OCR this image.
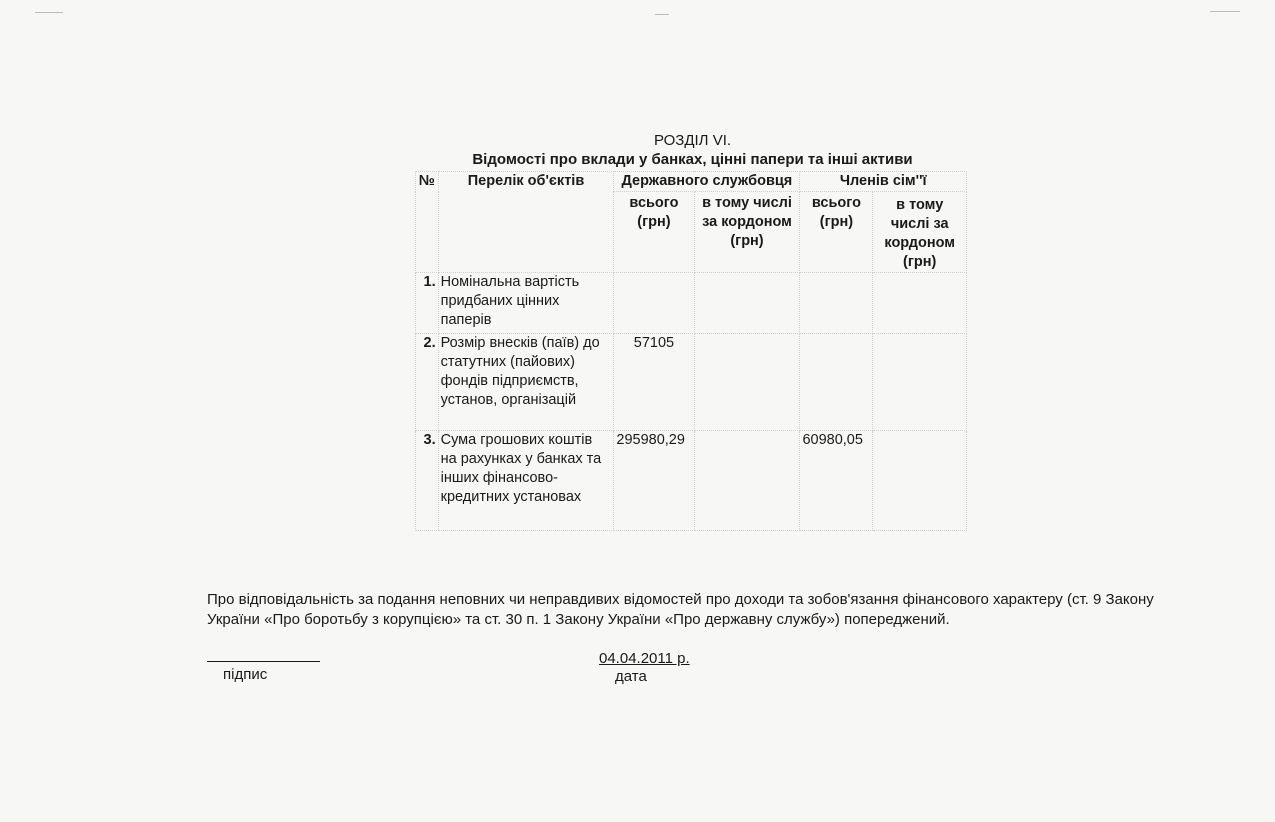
РОЗДІЛ VI.
Відомості про вклади у банках, цінні папери та інші активи
№	Перелік об'єктів	Державного службовця		Членів сім''ї	
		всього (грн)	в тому числі за кордоном (грн)	всього (грн)	в тому числі за кордоном (грн)
1.	Номінальна вартість придбаних цінних паперів				
2.	Розмір внесків (паїв) до статутних (пайових) фондів підприємств, установ, організацій	57105			
3.	Сума грошових коштів на рахунках у банках та інших фінансово-кредитних установах	295980,29		60980,05	
Про відповідальність за подання неповних чи неправдивих відомостей про доходи та зобов'язання фінансового характеру (ст. 9 Закону України «Про боротьбу з корупцією» та ст. 30 п. 1 Закону України «Про державну службу») попереджений.
підпис
04.04.2011 р.
дата
